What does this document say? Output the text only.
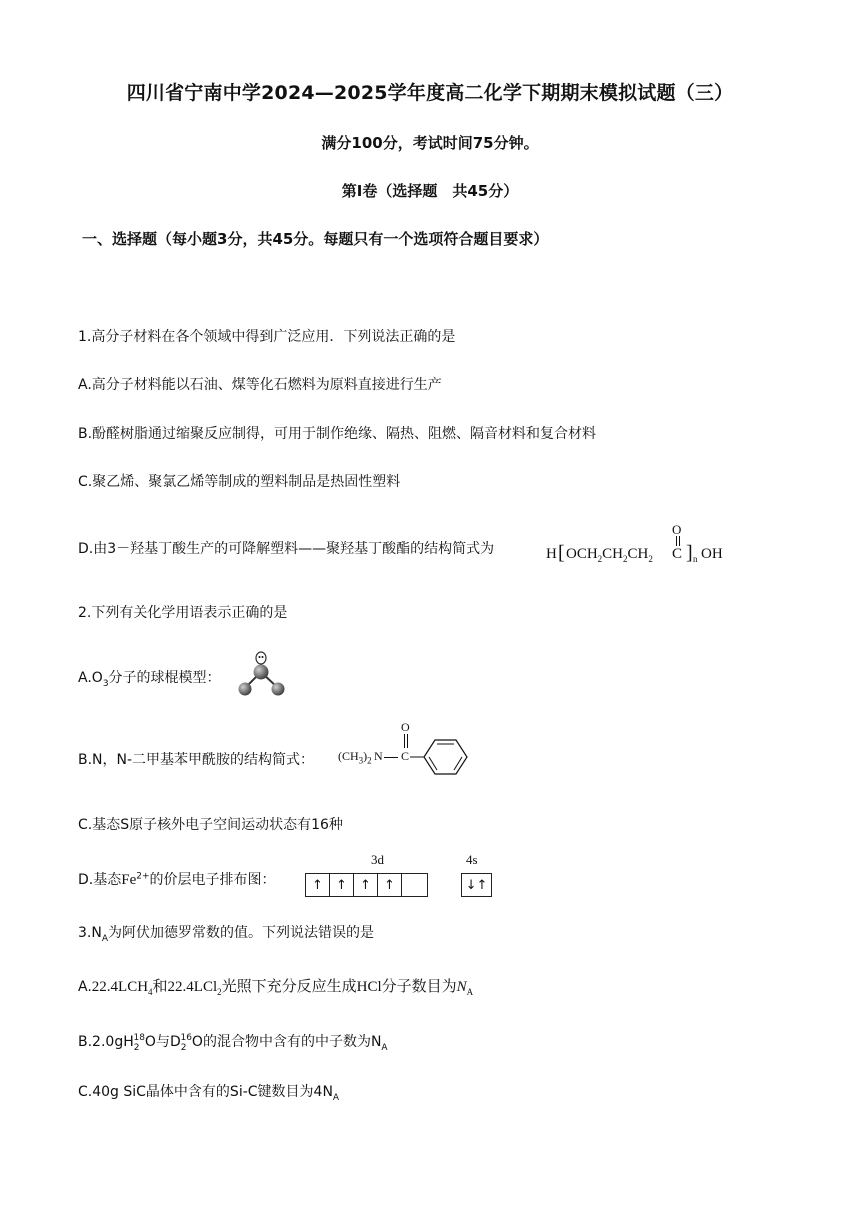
四川省宁南中学2024—2025学年度高二化学下期期末模拟试题（三）
满分100分，考试时间75分钟。
第Ⅰ卷（选择题　共45分）
一、选择题（每小题3分，共45分。每题只有一个选项符合题目要求）
1.高分子材料在各个领域中得到广泛应用．下列说法正确的是
A.高分子材料能以石油、煤等化石燃料为原料直接进行生产
B.酚醛树脂通过缩聚反应制得，可用于制作绝缘、隔热、阻燃、隔音材料和复合材料
C.聚乙烯、聚氯乙烯等制成的塑料制品是热固性塑料
D.由3－羟基丁酸生产的可降解塑料——聚羟基丁酸酯的结构简式为	H [ $OCH_2CH_2CH_2$ C
O
] n OH
2.下列有关化学用语表示正确的是
$A.O_3$分子的球棍模型：
B.N，N-二甲基苯甲酰胺的结构简式： $(CH_3)_2$ N C
O
C.基态S原子核外电子空间运动状态有16种
D.基态$Fe^{2+}$的价层电子排布图：
3d	4s
↑	↑	↑	↑	↓↑
$3.N_A$为阿伏加德罗常数的值。下列说法错误的是
$A.22.4LCH_4$和22.4LCl$_2$光照下充分反应生成HCl分子数目为$N_A$
$B.2.0gH_2^{18}O$与$D_2^{16}O$的混合物中含有的中子数为$N_A$
C.40g SiC晶体中含有的Si-C键数目为$4N_A$
